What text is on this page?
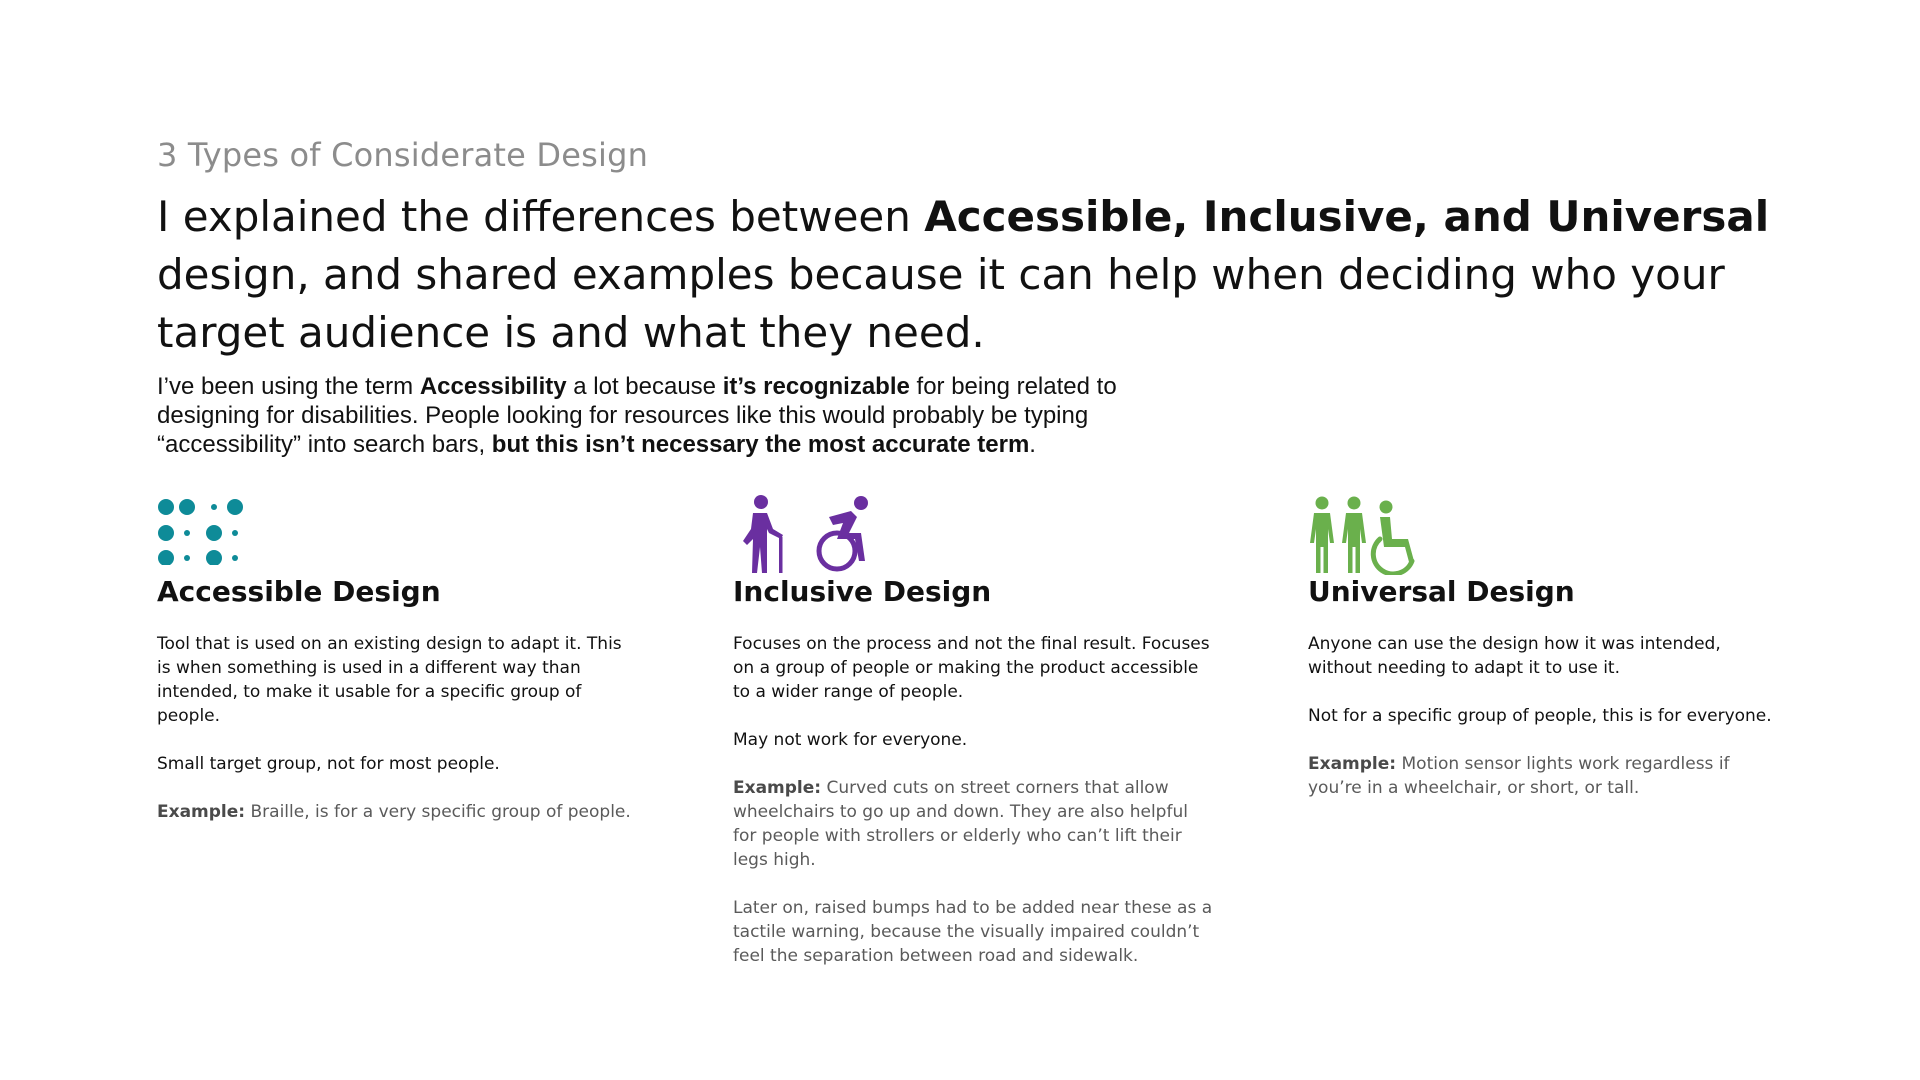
3 Types of Considerate Design
I explained the differences between Accessible, Inclusive, and Universal design, and shared examples because it can help when deciding who your target audience is and what they need.
I’ve been using the term Accessibility a lot because it’s recognizable for being related to designing for disabilities. People looking for resources like this would probably be typing “accessibility” into search bars, but this isn’t necessary the most accurate term.
Accessible Design

Tool that is used on an existing design to adapt it. This is when something is used in a different way than intended, to make it usable for a specific group of people.

Small target group, not for most people.

Example: Braille, is for a very specific group of people.

Inclusive Design

Focuses on the process and not the final result. Focuses on a group of people or making the product accessible to a wider range of people.

May not work for everyone.

Example: Curved cuts on street corners that allow wheelchairs to go up and down. They are also helpful for people with strollers or elderly who can’t lift their legs high.

Later on, raised bumps had to be added near these as a tactile warning, because the visually impaired couldn’t feel the separation between road and sidewalk.

Universal Design

Anyone can use the design how it was intended, without needing to adapt it to use it.

Not for a specific group of people, this is for everyone.

Example: Motion sensor lights work regardless if you’re in a wheelchair, or short, or tall.
